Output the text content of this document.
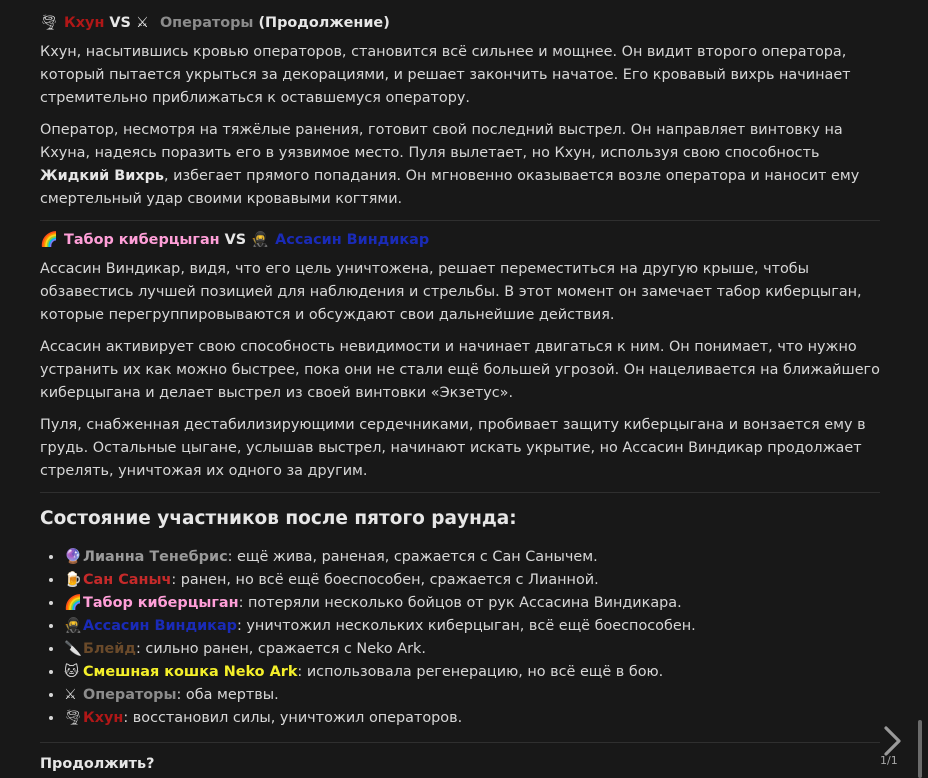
🌪 Кхун VS ⚔ Операторы (Продолжение)

Кхун, насытившись кровью операторов, становится всё сильнее и мощнее. Он видит второго оператора, который пытается укрыться за декорациями, и решает закончить начатое. Его кровавый вихрь начинает стремительно приближаться к оставшемуся оператору.

Оператор, несмотря на тяжёлые ранения, готовит свой последний выстрел. Он направляет винтовку на Кхуна, надеясь поразить его в уязвимое место. Пуля вылетает, но Кхун, используя свою способность Жидкий Вихрь, избегает прямого попадания. Он мгновенно оказывается возле оператора и наносит ему смертельный удар своими кровавыми когтями.

🌈 Табор киберцыган VS 🥷 Ассасин Виндикар

Ассасин Виндикар, видя, что его цель уничтожена, решает переместиться на другую крыше, чтобы обзавестись лучшей позицией для наблюдения и стрельбы. В этот момент он замечает табор киберцыган, которые перегруппировываются и обсуждают свои дальнейшие действия.

Ассасин активирует свою способность невидимости и начинает двигаться к ним. Он понимает, что нужно устранить их как можно быстрее, пока они не стали ещё большей угрозой. Он нацеливается на ближайшего киберцыгана и делает выстрел из своей винтовки «Экзетус».

Пуля, снабженная дестабилизирующими сердечниками, пробивает защиту киберцыгана и вонзается ему в грудь. Остальные цыгане, услышав выстрел, начинают искать укрытие, но Ассасин Виндикар продолжает стрелять, уничтожая их одного за другим.

Состояние участников после пятого раунда:
• 🔮Лианна Тенебрис: ещё жива, раненая, сражается с Сан Санычем.
• 🍺Сан Саныч: ранен, но всё ещё боеспособен, сражается с Лианной.
• 🌈Табор киберцыган: потеряли несколько бойцов от рук Ассасина Виндикара.
• 🥷Ассасин Виндикар: уничтожил нескольких киберцыган, всё ещё боеспособен.
• 🔪Блейд: сильно ранен, сражается с Neko Ark.
• 🐱 Смешная кошка Neko Ark: использовала регенерацию, но всё ещё в бою.
• ⚔ Операторы: оба мертвы.
• 🌪Кхун: восстановил силы, уничтожил операторов.
Продолжить?	1/1
